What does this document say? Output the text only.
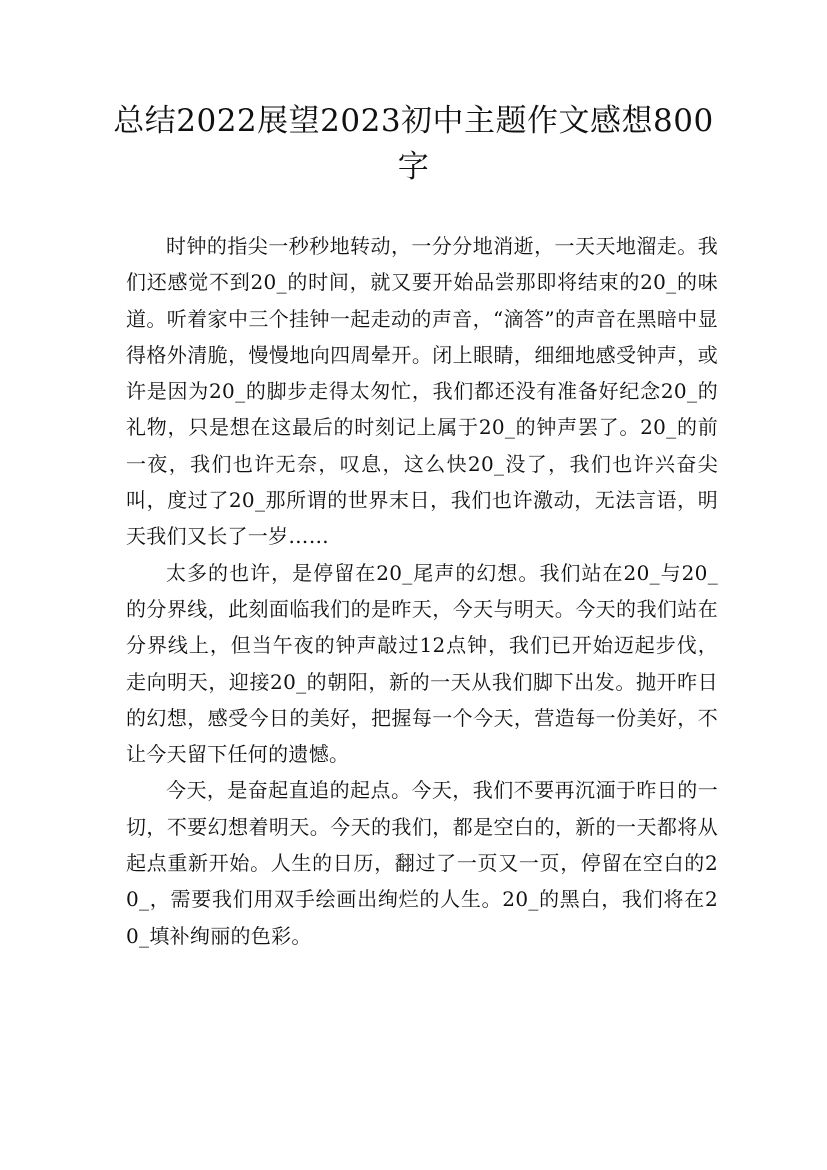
总结2022展望2023初中主题作文感想800字

时钟的指尖一秒秒地转动，一分分地消逝，一天天地溜走。我们还感觉不到20_的时间，就又要开始品尝那即将结束的20_的味道。听着家中三个挂钟一起走动的声音，“滴答”的声音在黑暗中显得格外清脆，慢慢地向四周晕开。闭上眼睛，细细地感受钟声，或许是因为20_的脚步走得太匆忙，我们都还没有准备好纪念20_的礼物，只是想在这最后的时刻记上属于20_的钟声罢了。20_的前一夜，我们也许无奈，叹息，这么快20_没了，我们也许兴奋尖叫，度过了20_那所谓的世界末日，我们也许激动，无法言语，明天我们又长了一岁……

太多的也许，是停留在20_尾声的幻想。我们站在20_与20_的分界线，此刻面临我们的是昨天，今天与明天。今天的我们站在分界线上，但当午夜的钟声敲过12点钟，我们已开始迈起步伐，走向明天，迎接20_的朝阳，新的一天从我们脚下出发。抛开昨日的幻想，感受今日的美好，把握每一个今天，营造每一份美好，不让今天留下任何的遗憾。

今天，是奋起直追的起点。今天，我们不要再沉湎于昨日的一切，不要幻想着明天。今天的我们，都是空白的，新的一天都将从起点重新开始。人生的日历，翻过了一页又一页，停留在空白的20_，需要我们用双手绘画出绚烂的人生。20_的黑白，我们将在20_填补绚丽的色彩。
